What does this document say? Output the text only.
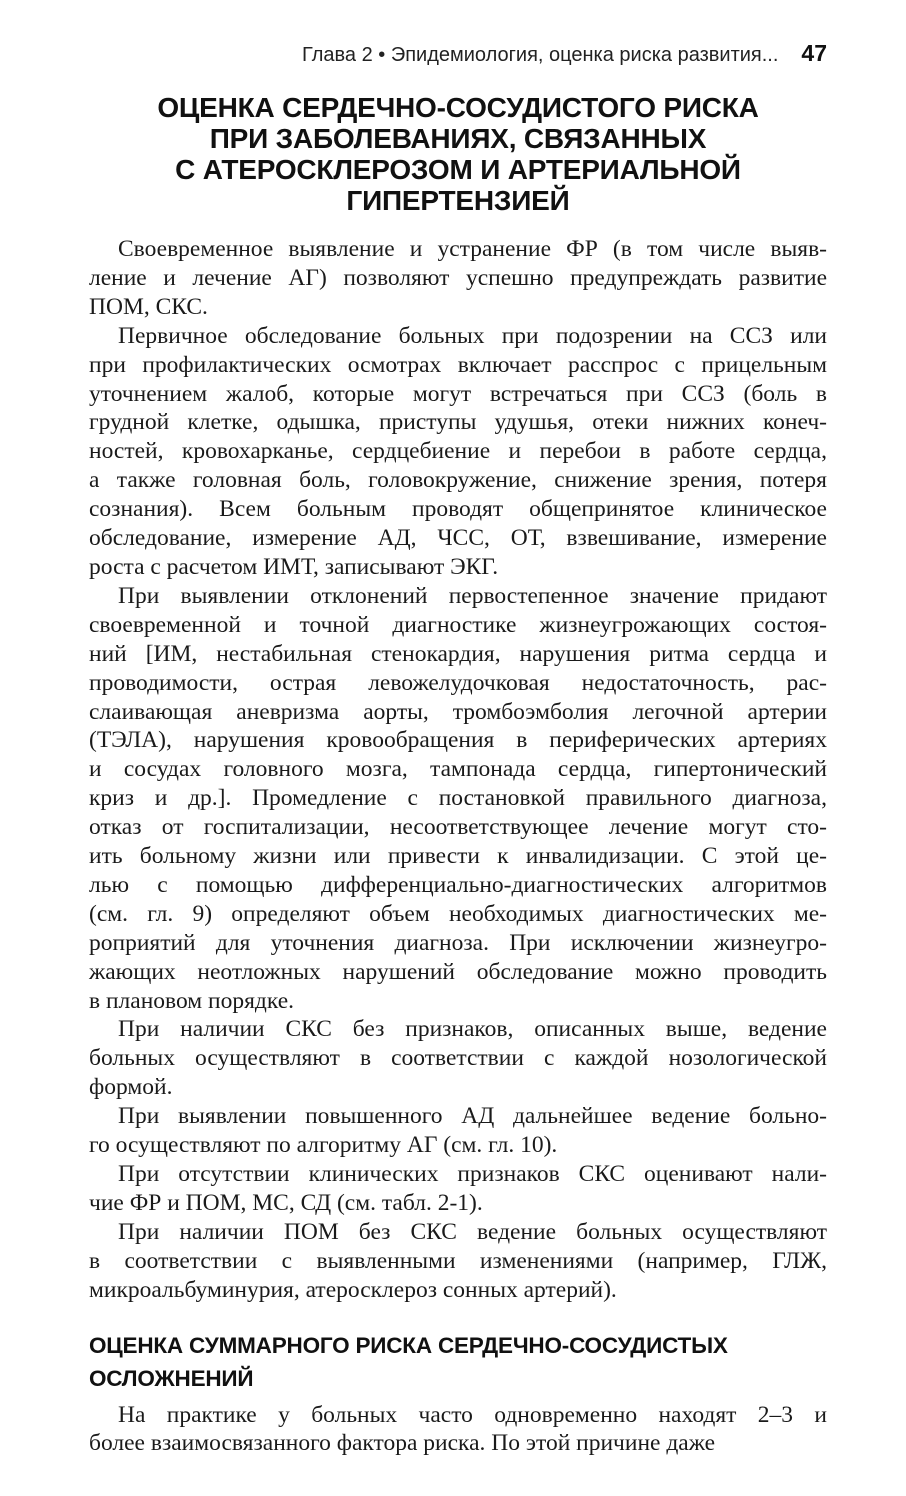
Глава 2 • Эпидемиология, оценка риска развития... 47
ОЦЕНКА СЕРДЕЧНО-СОСУДИСТОГО РИСКА
ПРИ ЗАБОЛЕВАНИЯХ, СВЯЗАННЫХ
С АТЕРОСКЛЕРОЗОМ И АРТЕРИАЛЬНОЙ
ГИПЕРТЕНЗИЕЙ

Своевременное выявление и устранение ФР (в том числе выяв-
ление и лечение АГ) позволяют успешно предупреждать развитие
ПОМ, СКС.

Первичное обследование больных при подозрении на ССЗ или
при профилактических осмотрах включает расспрос с прицельным
уточнением жалоб, которые могут встречаться при ССЗ (боль в
грудной клетке, одышка, приступы удушья, отеки нижних конеч-
ностей, кровохарканье, сердцебиение и перебои в работе сердца,
а также головная боль, головокружение, снижение зрения, потеря
сознания). Всем больным проводят общепринятое клиническое
обследование, измерение АД, ЧСС, ОТ, взвешивание, измерение
роста с расчетом ИМТ, записывают ЭКГ.

При выявлении отклонений первостепенное значение придают
своевременной и точной диагностике жизнеугрожающих состоя-
ний [ИМ, нестабильная стенокардия, нарушения ритма сердца и
проводимости, острая левожелудочковая недостаточность, рас-
слаивающая аневризма аорты, тромбоэмболия легочной артерии
(ТЭЛА), нарушения кровообращения в периферических артериях
и сосудах головного мозга, тампонада сердца, гипертонический
криз и др.]. Промедление с постановкой правильного диагноза,
отказ от госпитализации, несоответствующее лечение могут сто-
ить больному жизни или привести к инвалидизации. С этой це-
лью с помощью дифференциально-диагностических алгоритмов
(см. гл. 9) определяют объем необходимых диагностических ме-
роприятий для уточнения диагноза. При исключении жизнеугро-
жающих неотложных нарушений обследование можно проводить
в плановом порядке.

При наличии СКС без признаков, описанных выше, ведение
больных осуществляют в соответствии с каждой нозологической
формой.

При выявлении повышенного АД дальнейшее ведение больно-
го осуществляют по алгоритму АГ (см. гл. 10).

При отсутствии клинических признаков СКС оценивают нали-
чие ФР и ПОМ, МС, СД (см. табл. 2-1).

При наличии ПОМ без СКС ведение больных осуществляют
в соответствии с выявленными изменениями (например, ГЛЖ,
микроальбуминурия, атеросклероз сонных артерий).

ОЦЕНКА СУММАРНОГО РИСКА СЕРДЕЧНО-СОСУДИСТЫХ
ОСЛОЖНЕНИЙ

На практике у больных часто одновременно находят 2–3 и
более взаимосвязанного фактора риска. По этой причине даже
